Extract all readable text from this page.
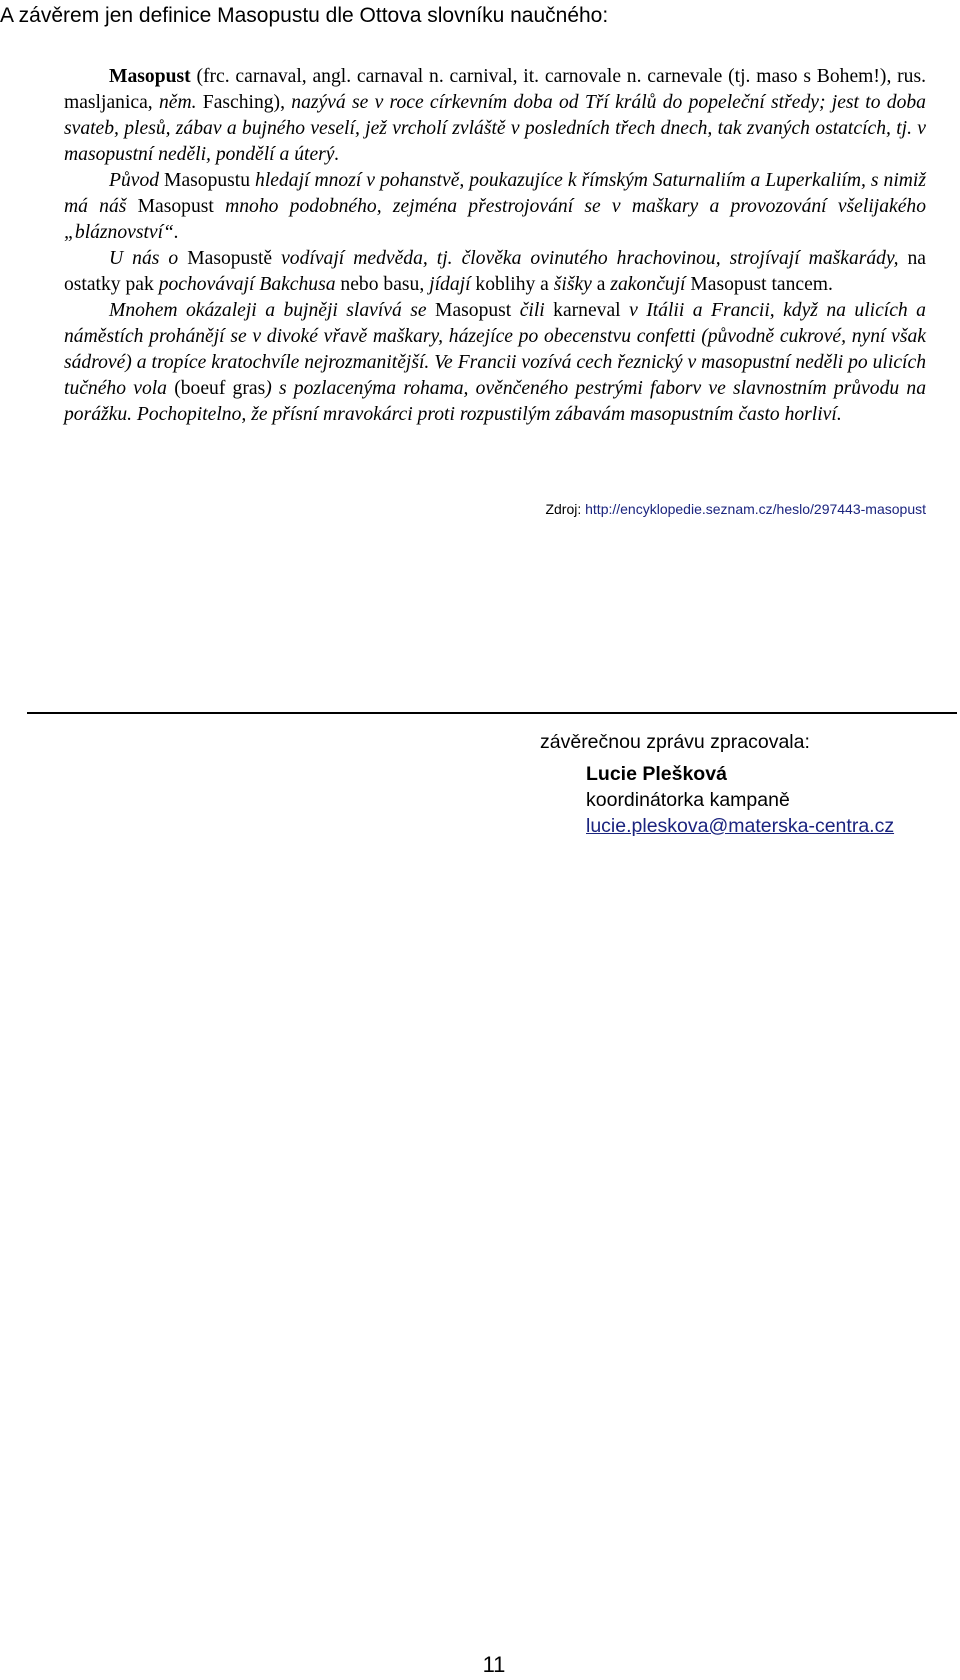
A závěrem jen definice Masopustu dle Ottova slovníku naučného:

Masopust (frc. carnaval, angl. carnaval n. carnival, it. carnovale n. carnevale (tj. maso s Bohem!), rus. masljanica, něm. Fasching), nazývá se v roce církevním doba od Tří králů do popeleční středy; jest to doba svateb, plesů, zábav a bujného veselí, jež vrcholí zvláště v posledních třech dnech, tak zvaných ostatcích, tj. v masopustní neděli, pondělí a úterý.

Původ Masopustu hledají mnozí v pohanstvě, poukazujíce k římským Saturnaliím a Luperkaliím, s nimiž má náš Masopust mnoho podobného, zejména přestrojování se v maškary a provozování všelijakého „bláznovství“.

U nás o Masopustě vodívají medvěda, tj. člověka ovinutého hrachovinou, strojívají maškarády, na ostatky pak pochovávají Bakchusa nebo basu, jídají koblihy a šišky a zakončují Masopust tancem.

Mnohem okázaleji a bujněji slavívá se Masopust čili karneval v Itálii a Francii, když na ulicích a náměstích prohánějí se v divoké vřavě maškary, házejíce po obecenstvu confetti (původně cukrové, nyní však sádrové) a tropíce kratochvíle nejrozmanitější. Ve Francii vozívá cech řeznický v masopustní neděli po ulicích tučného vola (boeuf gras) s pozlacenýma rohama, ověnčeného pestrými faborv ve slavnostním průvodu na porážku. Pochopitelno, že přísní mravokárci proti rozpustilým zábavám masopustním často horliví.

Zdroj: http://encyklopedie.seznam.cz/heslo/297443-masopust
závěrečnou zprávu zpracovala:
Lucie Plešková
koordinátorka kampaně
lucie.pleskova@materska-centra.cz
11
